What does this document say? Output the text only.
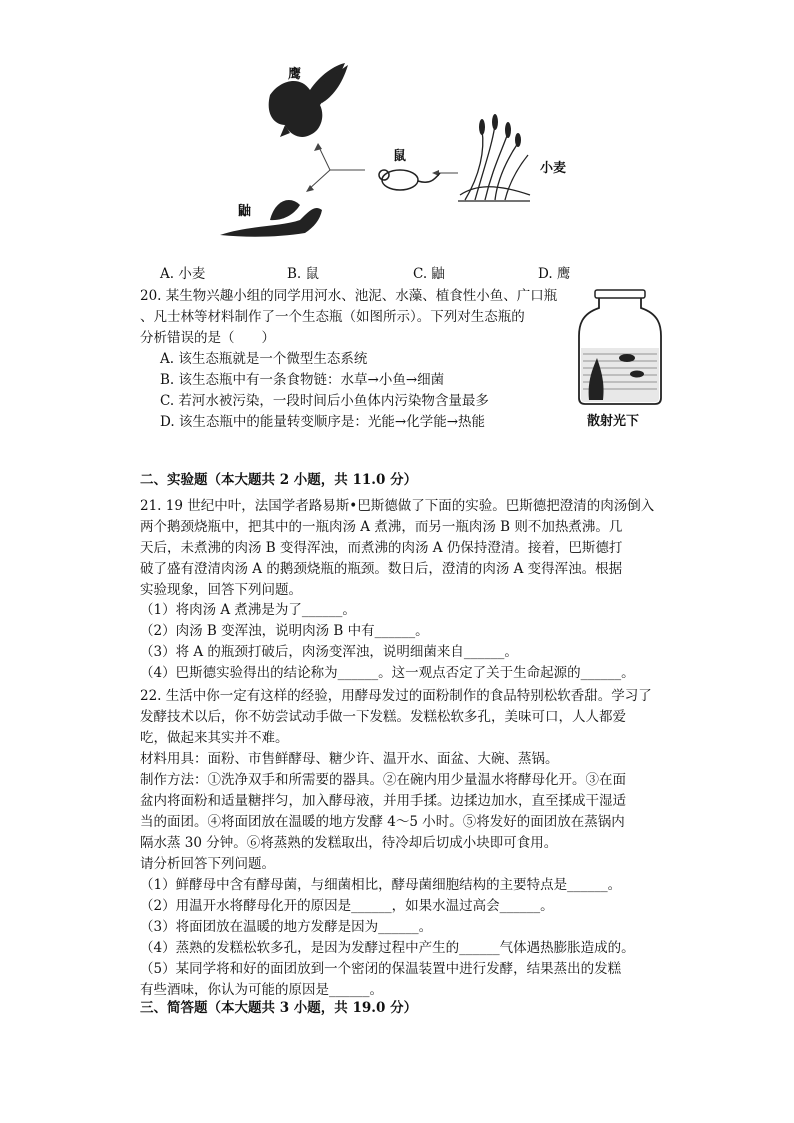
鹰
鼠
鼬
小麦
A. 小麦	B. 鼠	C. 鼬	D. 鹰
20. 某生物兴趣小组的同学用河水、池泥、水藻、植食性小鱼、广口瓶
、凡士林等材料制作了一个生态瓶（如图所示）。下列对生态瓶的
分析错误的是（　　）
A. 该生态瓶就是一个微型生态系统
B. 该生态瓶中有一条食物链：水草→小鱼→细菌
C. 若河水被污染，一段时间后小鱼体内污染物含量最多
D. 该生态瓶中的能量转变顺序是：光能→化学能→热能	散射光下
二、实验题（本大题共 2 小题，共 11.0 分）
21. 19 世纪中叶，法国学者路易斯•巴斯德做了下面的实验。巴斯德把澄清的肉汤倒入
两个鹅颈烧瓶中，把其中的一瓶肉汤 A 煮沸，而另一瓶肉汤 B 则不加热煮沸。几
天后，未煮沸的肉汤 B 变得浑浊，而煮沸的肉汤 A 仍保持澄清。接着，巴斯德打
破了盛有澄清肉汤 A 的鹅颈烧瓶的瓶颈。数日后，澄清的肉汤 A 变得浑浊。根据
实验现象，回答下列问题。
（1）将肉汤 A 煮沸是为了______。
（2）肉汤 B 变浑浊，说明肉汤 B 中有______。
（3）将 A 的瓶颈打破后，肉汤变浑浊，说明细菌来自______。
（4）巴斯德实验得出的结论称为______。这一观点否定了关于生命起源的______。
22. 生活中你一定有这样的经验，用酵母发过的面粉制作的食品特别松软香甜。学习了
发酵技术以后，你不妨尝试动手做一下发糕。发糕松软多孔，美味可口，人人都爱
吃，做起来其实并不难。
材料用具：面粉、市售鲜酵母、糖少许、温开水、面盆、大碗、蒸锅。
制作方法：①洗净双手和所需要的器具。②在碗内用少量温水将酵母化开。③在面
盆内将面粉和适量糖拌匀，加入酵母液，并用手揉。边揉边加水，直至揉成干湿适
当的面团。④将面团放在温暖的地方发酵 4～5 小时。⑤将发好的面团放在蒸锅内
隔水蒸 30 分钟。⑥将蒸熟的发糕取出，待冷却后切成小块即可食用。
请分析回答下列问题。
（1）鲜酵母中含有酵母菌，与细菌相比，酵母菌细胞结构的主要特点是______。
（2）用温开水将酵母化开的原因是______，如果水温过高会______。
（3）将面团放在温暖的地方发酵是因为______。
（4）蒸熟的发糕松软多孔，是因为发酵过程中产生的______气体遇热膨胀造成的。
（5）某同学将和好的面团放到一个密闭的保温装置中进行发酵，结果蒸出的发糕
有些酒味，你认为可能的原因是______。
三、简答题（本大题共 3 小题，共 19.0 分）
